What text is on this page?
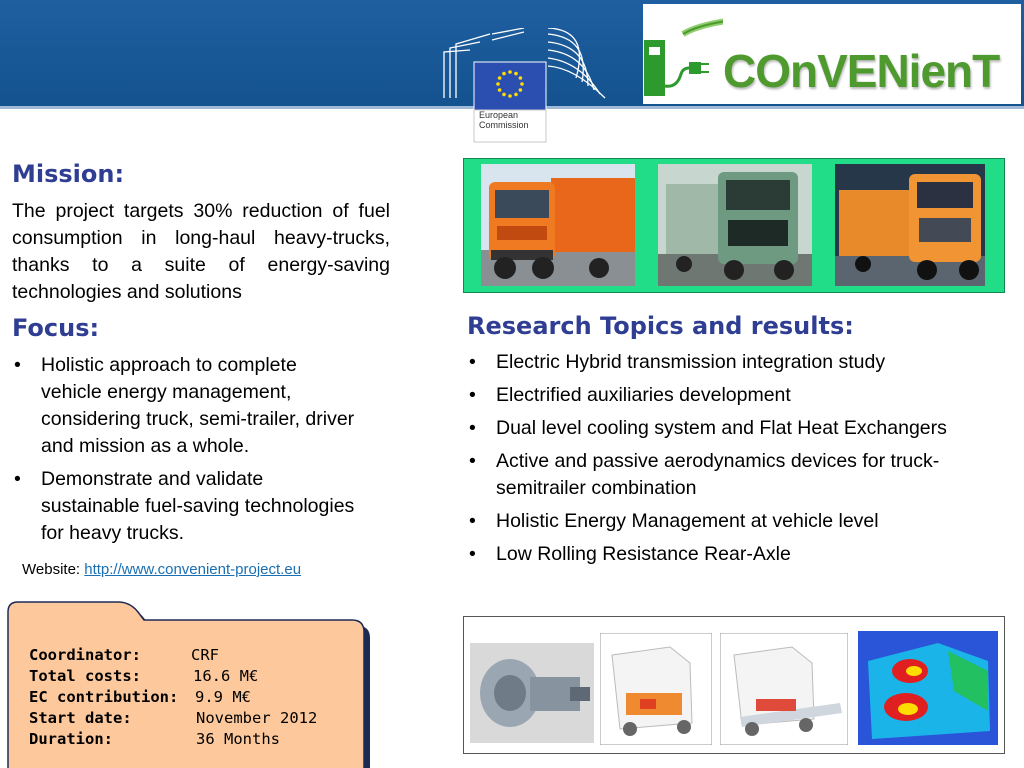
European Commission
COnVENienT
Mission:
The project targets 30% reduction of fuel consumption in long-haul heavy-trucks, thanks to a suite of energy-saving technologies and solutions
Focus:
• Holistic approach to complete vehicle energy management, considering truck, semi-trailer, driver and mission as a whole.
• Demonstrate and validate sustainable fuel-saving technologies for heavy trucks.
Website: http://www.convenient-project.eu
Research Topics and results:
• Electric Hybrid transmission integration study
• Electrified auxiliaries development
• Dual level cooling system and Flat Heat Exchangers
• Active and passive aerodynamics devices for truck-semitrailer combination
• Holistic Energy Management at vehicle level
• Low Rolling Resistance Rear-Axle
Coordinator:	CRF
Total costs:	16.6 M€
EC contribution: 9.9 M€
Start date:	November 2012
Duration:	36 Months
